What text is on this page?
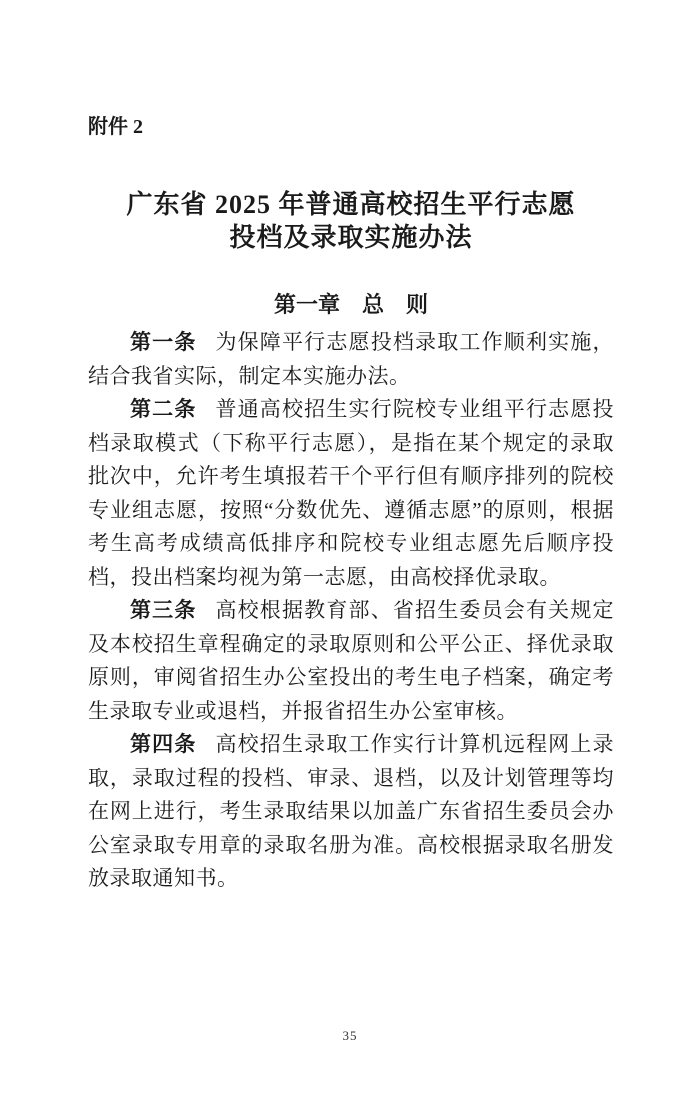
附件 2
广东省 2025 年普通高校招生平行志愿
投档及录取实施办法
第一章　总　则

第一条 为保障平行志愿投档录取工作顺利实施，结合我省实际，制定本实施办法。

第二条 普通高校招生实行院校专业组平行志愿投档录取模式（下称平行志愿），是指在某个规定的录取批次中，允许考生填报若干个平行但有顺序排列的院校专业组志愿，按照“分数优先、遵循志愿”的原则，根据考生高考成绩高低排序和院校专业组志愿先后顺序投档，投出档案均视为第一志愿，由高校择优录取。

第三条 高校根据教育部、省招生委员会有关规定及本校招生章程确定的录取原则和公平公正、择优录取原则，审阅省招生办公室投出的考生电子档案，确定考生录取专业或退档，并报省招生办公室审核。

第四条 高校招生录取工作实行计算机远程网上录取，录取过程的投档、审录、退档，以及计划管理等均在网上进行，考生录取结果以加盖广东省招生委员会办公室录取专用章的录取名册为准。高校根据录取名册发放录取通知书。

35
